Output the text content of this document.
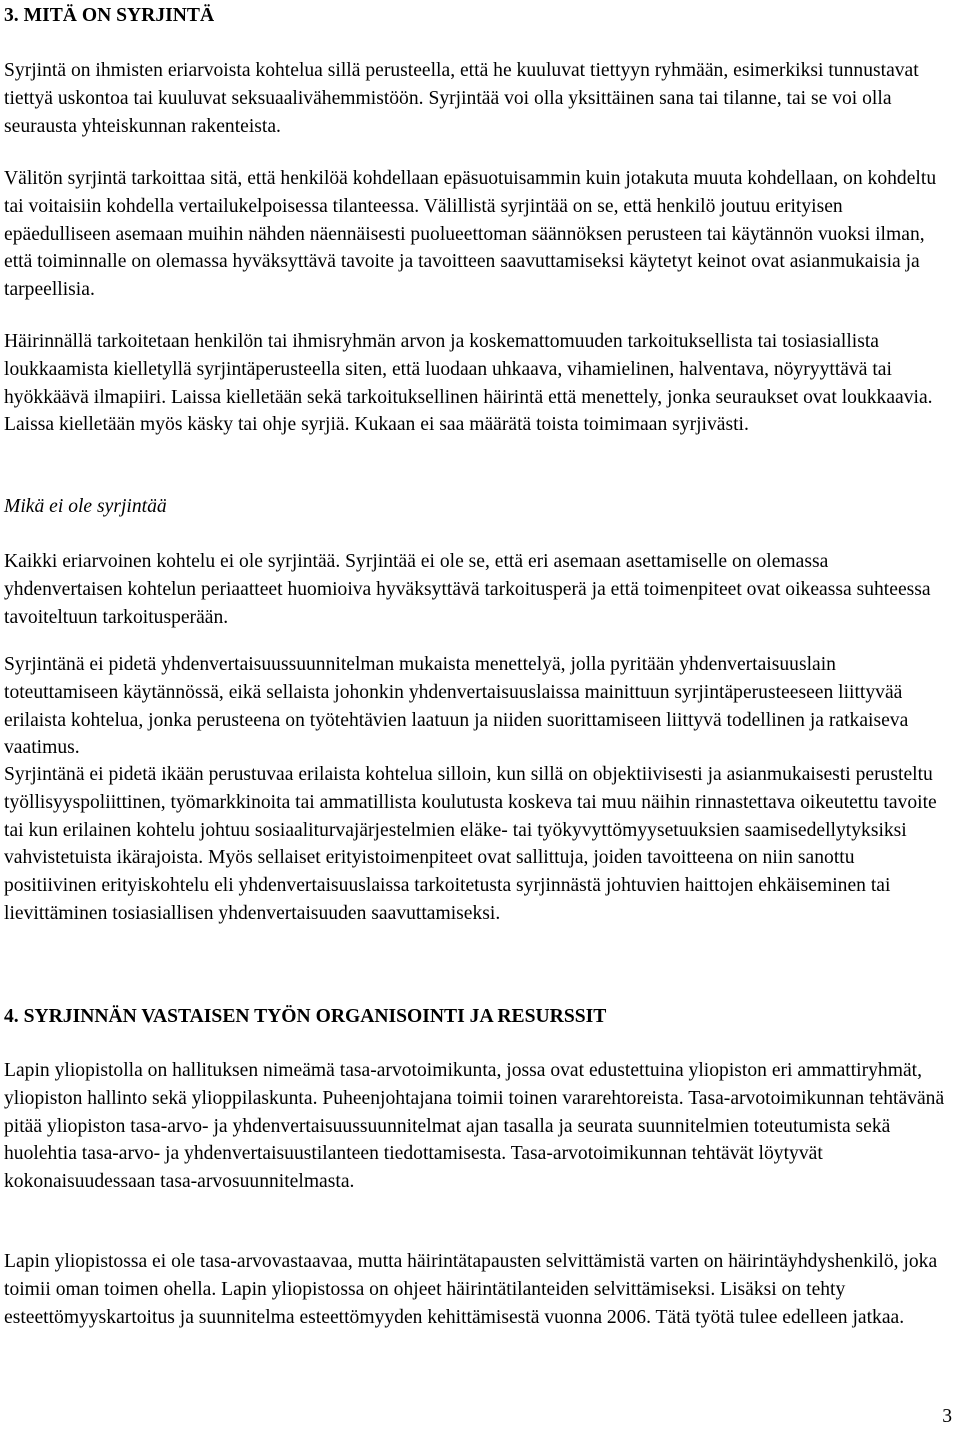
3. MITÄ ON SYRJINTÄ

Syrjintä on ihmisten eriarvoista kohtelua sillä perusteella, että he kuuluvat tiettyyn ryhmään, esimerkiksi tunnustavat tiettyä uskontoa tai kuuluvat seksuaalivähemmistöön. Syrjintää voi olla yksittäinen sana tai tilanne, tai se voi olla seurausta yhteiskunnan rakenteista.

Välitön syrjintä tarkoittaa sitä, että henkilöä kohdellaan epäsuotuisammin kuin jotakuta muuta kohdellaan, on kohdeltu tai voitaisiin kohdella vertailukelpoisessa tilanteessa. Välillistä syrjintää on se, että henkilö joutuu erityisen epäedulliseen asemaan muihin nähden näennäisesti puolueettoman säännöksen perusteen tai käytännön vuoksi ilman, että toiminnalle on olemassa hyväksyttävä tavoite ja tavoitteen saavuttamiseksi käytetyt keinot ovat asianmukaisia ja tarpeellisia.

Häirinnällä tarkoitetaan henkilön tai ihmisryhmän arvon ja koskemattomuuden tarkoituksellista tai tosiasiallista loukkaamista kielletyllä syrjintäperusteella siten, että luodaan uhkaava, vihamielinen, halventava, nöyryyttävä tai hyökkäävä ilmapiiri. Laissa kielletään sekä tarkoituksellinen häirintä että menettely, jonka seuraukset ovat loukkaavia. Laissa kielletään myös käsky tai ohje syrjiä. Kukaan ei saa määrätä toista toimimaan syrjivästi.

Mikä ei ole syrjintää

Kaikki eriarvoinen kohtelu ei ole syrjintää. Syrjintää ei ole se, että eri asemaan asettamiselle on olemassa yhdenvertaisen kohtelun periaatteet huomioiva hyväksyttävä tarkoitusperä ja että toimenpiteet ovat oikeassa suhteessa tavoiteltuun tarkoitusperään.

Syrjintänä ei pidetä yhdenvertaisuussuunnitelman mukaista menettelyä, jolla pyritään yhdenvertaisuuslain toteuttamiseen käytännössä, eikä sellaista johonkin yhdenvertaisuuslaissa mainittuun syrjintäperusteeseen liittyvää erilaista kohtelua, jonka perusteena on työtehtävien laatuun ja niiden suorittamiseen liittyvä todellinen ja ratkaiseva vaatimus.

Syrjintänä ei pidetä ikään perustuvaa erilaista kohtelua silloin, kun sillä on objektiivisesti ja asianmukaisesti perusteltu työllisyyspoliittinen, työmarkkinoita tai ammatillista koulutusta koskeva tai muu näihin rinnastettava oikeutettu tavoite tai kun erilainen kohtelu johtuu sosiaaliturvajärjestelmien eläke- tai työkyvyttömyysetuuksien saamisedellytyksiksi vahvistetuista ikärajoista. Myös sellaiset erityistoimenpiteet ovat sallittuja, joiden tavoitteena on niin sanottu positiivinen erityiskohtelu eli yhdenvertaisuuslaissa tarkoitetusta syrjinnästä johtuvien haittojen ehkäiseminen tai lievittäminen tosiasiallisen yhdenvertaisuuden saavuttamiseksi.

4. SYRJINNÄN VASTAISEN TYÖN ORGANISOINTI JA RESURSSIT

Lapin yliopistolla on hallituksen nimeämä tasa-arvotoimikunta, jossa ovat edustettuina yliopiston eri ammattiryhmät, yliopiston hallinto sekä ylioppilaskunta. Puheenjohtajana toimii toinen vararehtoreista. Tasa-arvotoimikunnan tehtävänä pitää yliopiston tasa-arvo- ja yhdenvertaisuussuunnitelmat ajan tasalla ja seurata suunnitelmien toteutumista sekä huolehtia tasa-arvo- ja yhdenvertaisuustilanteen tiedottamisesta. Tasa-arvotoimikunnan tehtävät löytyvät kokonaisuudessaan tasa-arvosuunnitelmasta.

Lapin yliopistossa ei ole tasa-arvovastaavaa, mutta häirintätapausten selvittämistä varten on häirintäyhdyshenkilö, joka toimii oman toimen ohella. Lapin yliopistossa on ohjeet häirintätilanteiden selvittämiseksi. Lisäksi on tehty esteettömyyskartoitus ja suunnitelma esteettömyyden kehittämisestä vuonna 2006. Tätä työtä tulee edelleen jatkaa.

3
